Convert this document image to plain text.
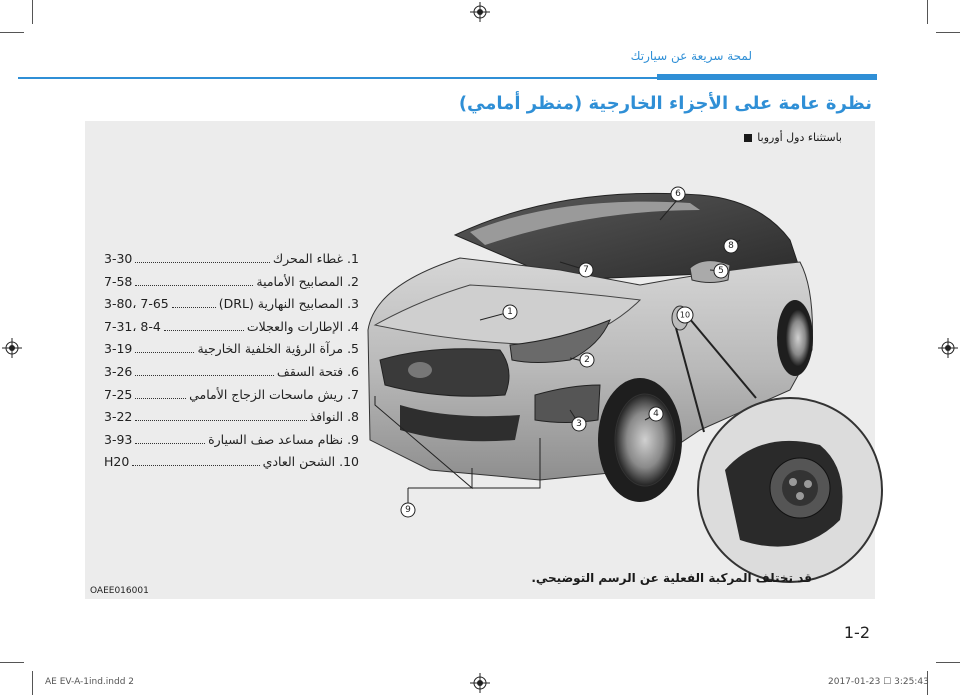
لمحة سريعة عن سيارتك
نظرة عامة على الأجزاء الخارجية (منظر أمامي)
باستثناء دول أوروبا
3-30	1. غطاء المحرك
7-58	2. المصابيح الأمامية
3-80، 7-65	3. المصابيح النهارية (DRL)
7-31، 8-4	4. الإطارات والعجلات
3-19	5. مرآة الرؤية الخلفية الخارجية
3-26	6. فتحة السقف
7-25	7. ريش ماسحات الزجاج الأمامي
3-22	8. النوافذ
3-93	9. نظام مساعد صف السيارة
H20	10. الشحن العادي
1
2
3
4
5
6
7
8
9
10
قد تختلف المركبة الفعلية عن الرسم التوضيحي.
OAEE016001
1-2
AE EV-A-1ind.indd 2	2017-01-23 ☐ 3:25:43
